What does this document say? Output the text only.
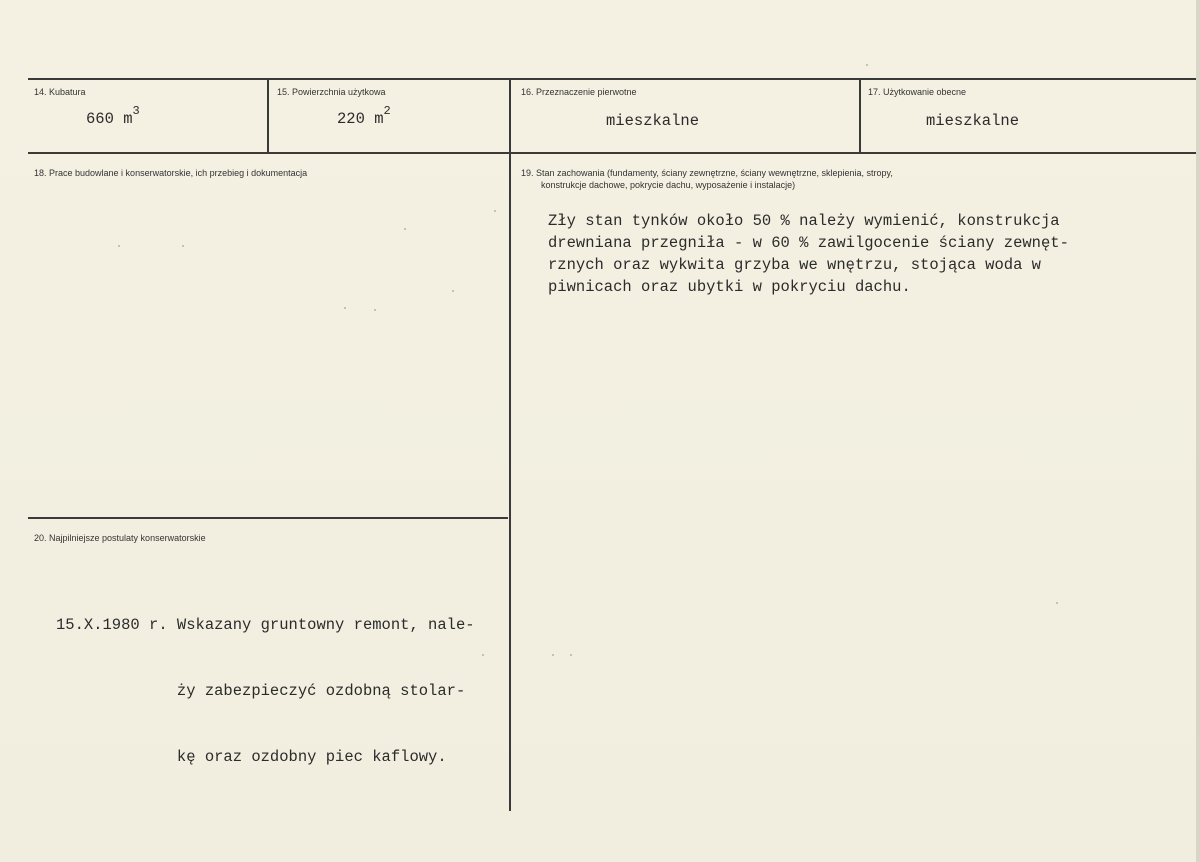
14. Kubatura
660 $m^3$
15. Powierzchnia użytkowa
220 $m^2$
16. Przeznaczenie pierwotne
mieszkalne
17. Użytkowanie obecne
mieszkalne
18. Prace budowlane i konserwatorskie, ich przebieg i dokumentacja	19. Stan zachowania (fundamenty, ściany zewnętrzne, ściany wewnętrzne, sklepienia, stropy,
konstrukcje dachowe, pokrycie dachu, wyposażenie i instalacje)
Zły stan tynków około 50 % należy wymienić, konstrukcja
drewniana przegniła - w 60 % zawilgocenie ściany zewnęt-
rznych oraz wykwita grzyba we wnętrzu, stojąca woda w
piwnicach oraz ubytki w pokryciu dachu.
20. Najpilniejsze postulaty konserwatorskie

15.X.1980 r. Wskazany gruntowny remont, nale-

ży zabezpieczyć ozdobną stolar-

kę oraz ozdobny piec kaflowy.
